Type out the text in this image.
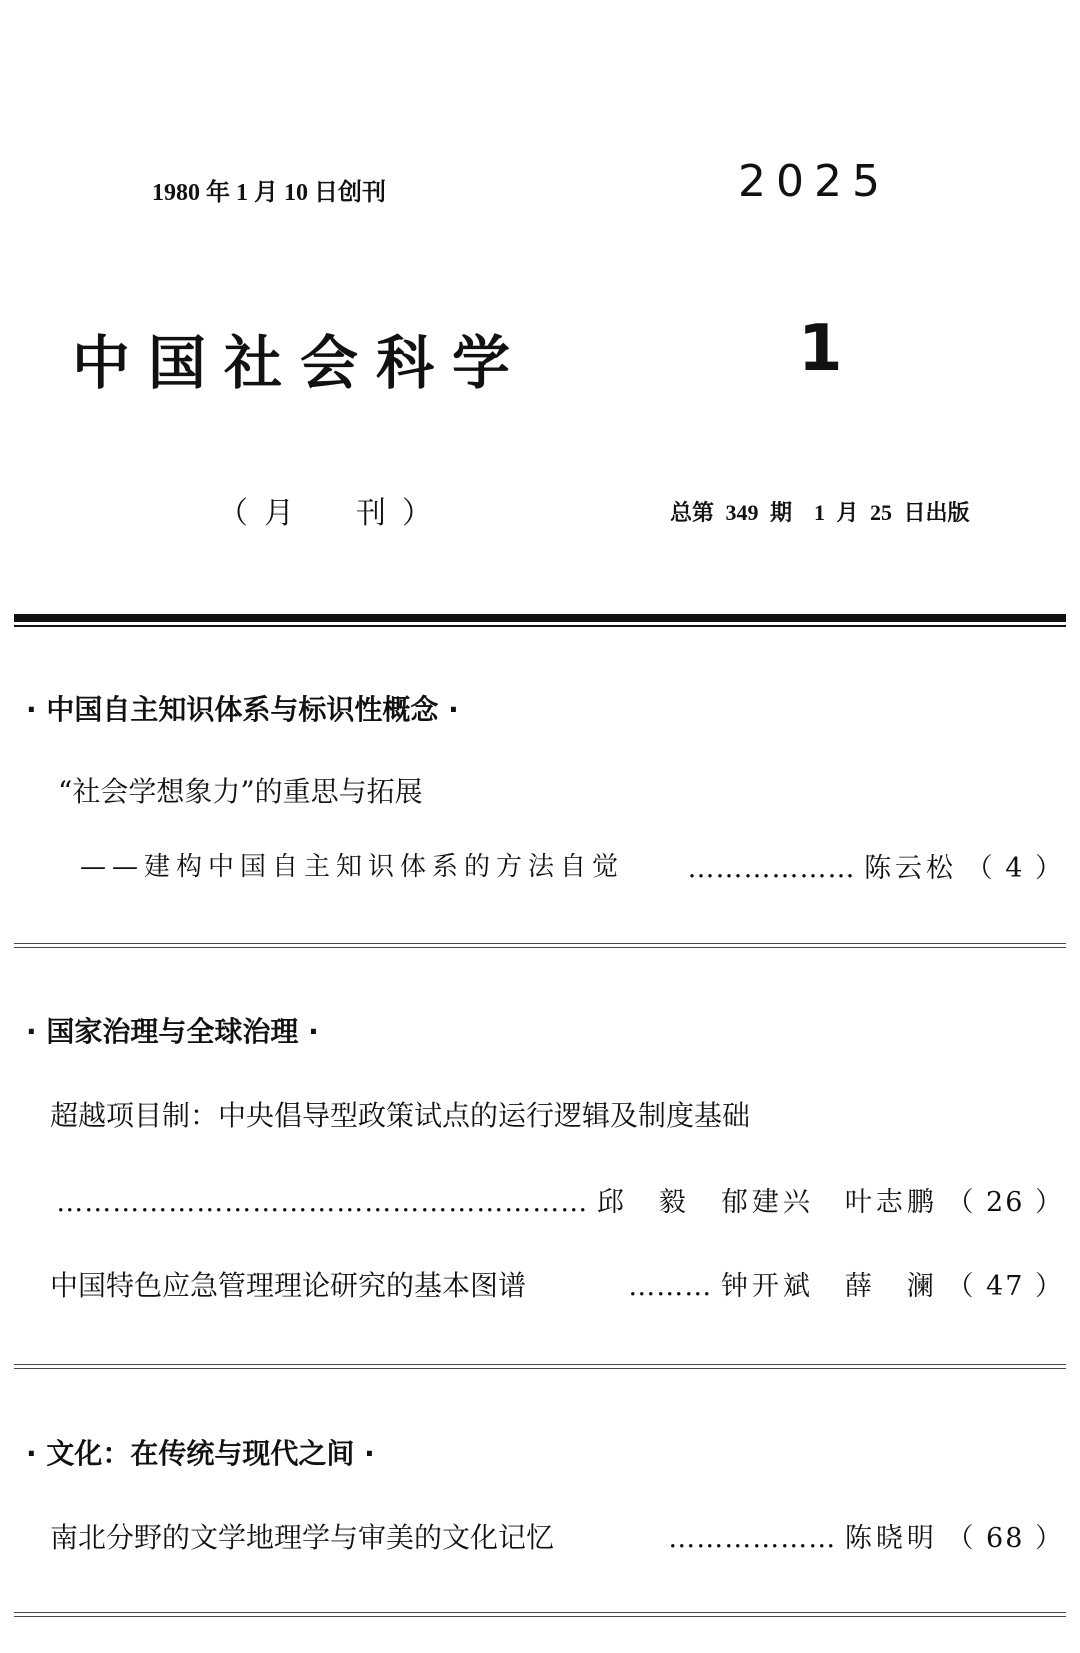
1980 年 1 月 10 日创刊	2025
中国社会科学	1
（月　刊）	总第 349 期　1 月 25 日出版
· 中国自主知识体系与标识性概念 ·
“社会学想象力”的重思与拓展
——建构中国自主知识体系的方法自觉 ……………… 陈云松 （ 4 ）
· 国家治理与全球治理 ·
超越项目制：中央倡导型政策试点的运行逻辑及制度基础
………………………………………………… 邱　毅　郁建兴　叶志鹏 （ 26 ）
中国特色应急管理理论研究的基本图谱	……… 钟开斌　薛　澜 （ 47 ）
· 文化：在传统与现代之间 ·
南北分野的文学地理学与审美的文化记忆	……………… 陈晓明 （ 68 ）
